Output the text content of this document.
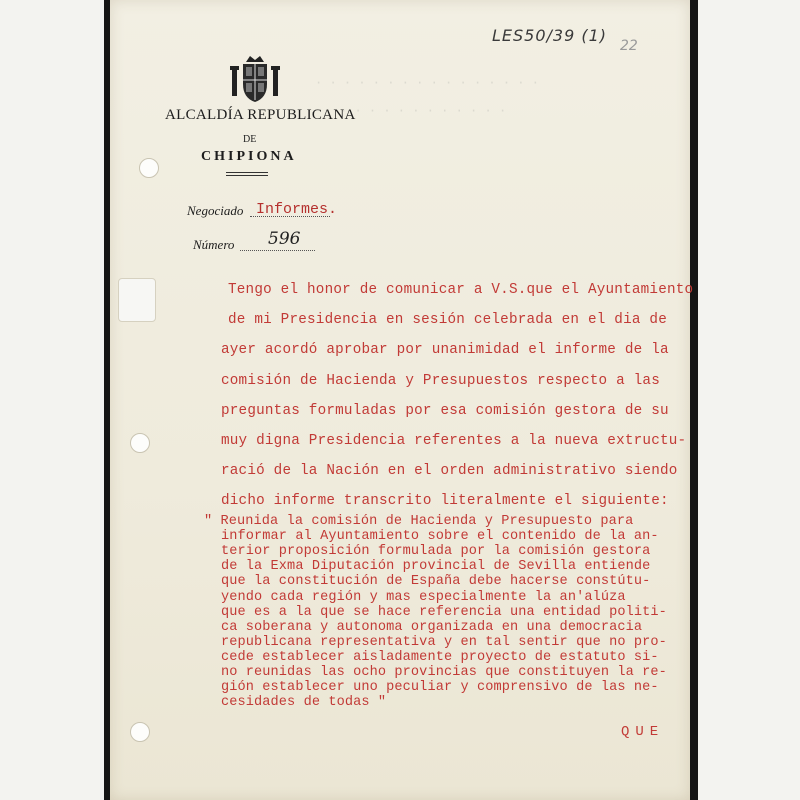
· · · · · · · · · · · · · · · ·
· · · · · · · · · · · ·
LES50/39 (1)
22
ALCALDÍA REPUBLICANA
DE
CHIPIONA
Negociado Informes.
Número 596
Tengo el honor de comunicar a V.S.que el Ayuntamiento
de mi Presidencia en sesión celebrada en el dia de
ayer acordó aprobar por unanimidad el informe de la
comisión de Hacienda y Presupuestos respecto a las
preguntas formuladas por esa comisión gestora de su
muy digna Presidencia referentes a la nueva extructu-
ració de la Nación en el orden administrativo siendo
dicho informe transcrito literalmente el siguiente:
" Reunida la comisión de Hacienda y Presupuesto para
informar al Ayuntamiento sobre el contenido de la an-
terior proposición formulada por la comisión gestora
de la Exma Diputación provincial de Sevilla entiende
que la constitución de España debe hacerse constútu-
yendo cada región y mas especialmente la an'alúza
que es a la que se hace referencia una entidad politi-
ca soberana y autonoma organizada en una democracia
republicana representativa y en tal sentir que no pro-
cede establecer aisladamente proyecto de estatuto si-
no reunidas las ocho provincias que constituyen la re-
gión establecer uno peculiar y comprensivo de las ne-
cesidades de todas "
QUE
